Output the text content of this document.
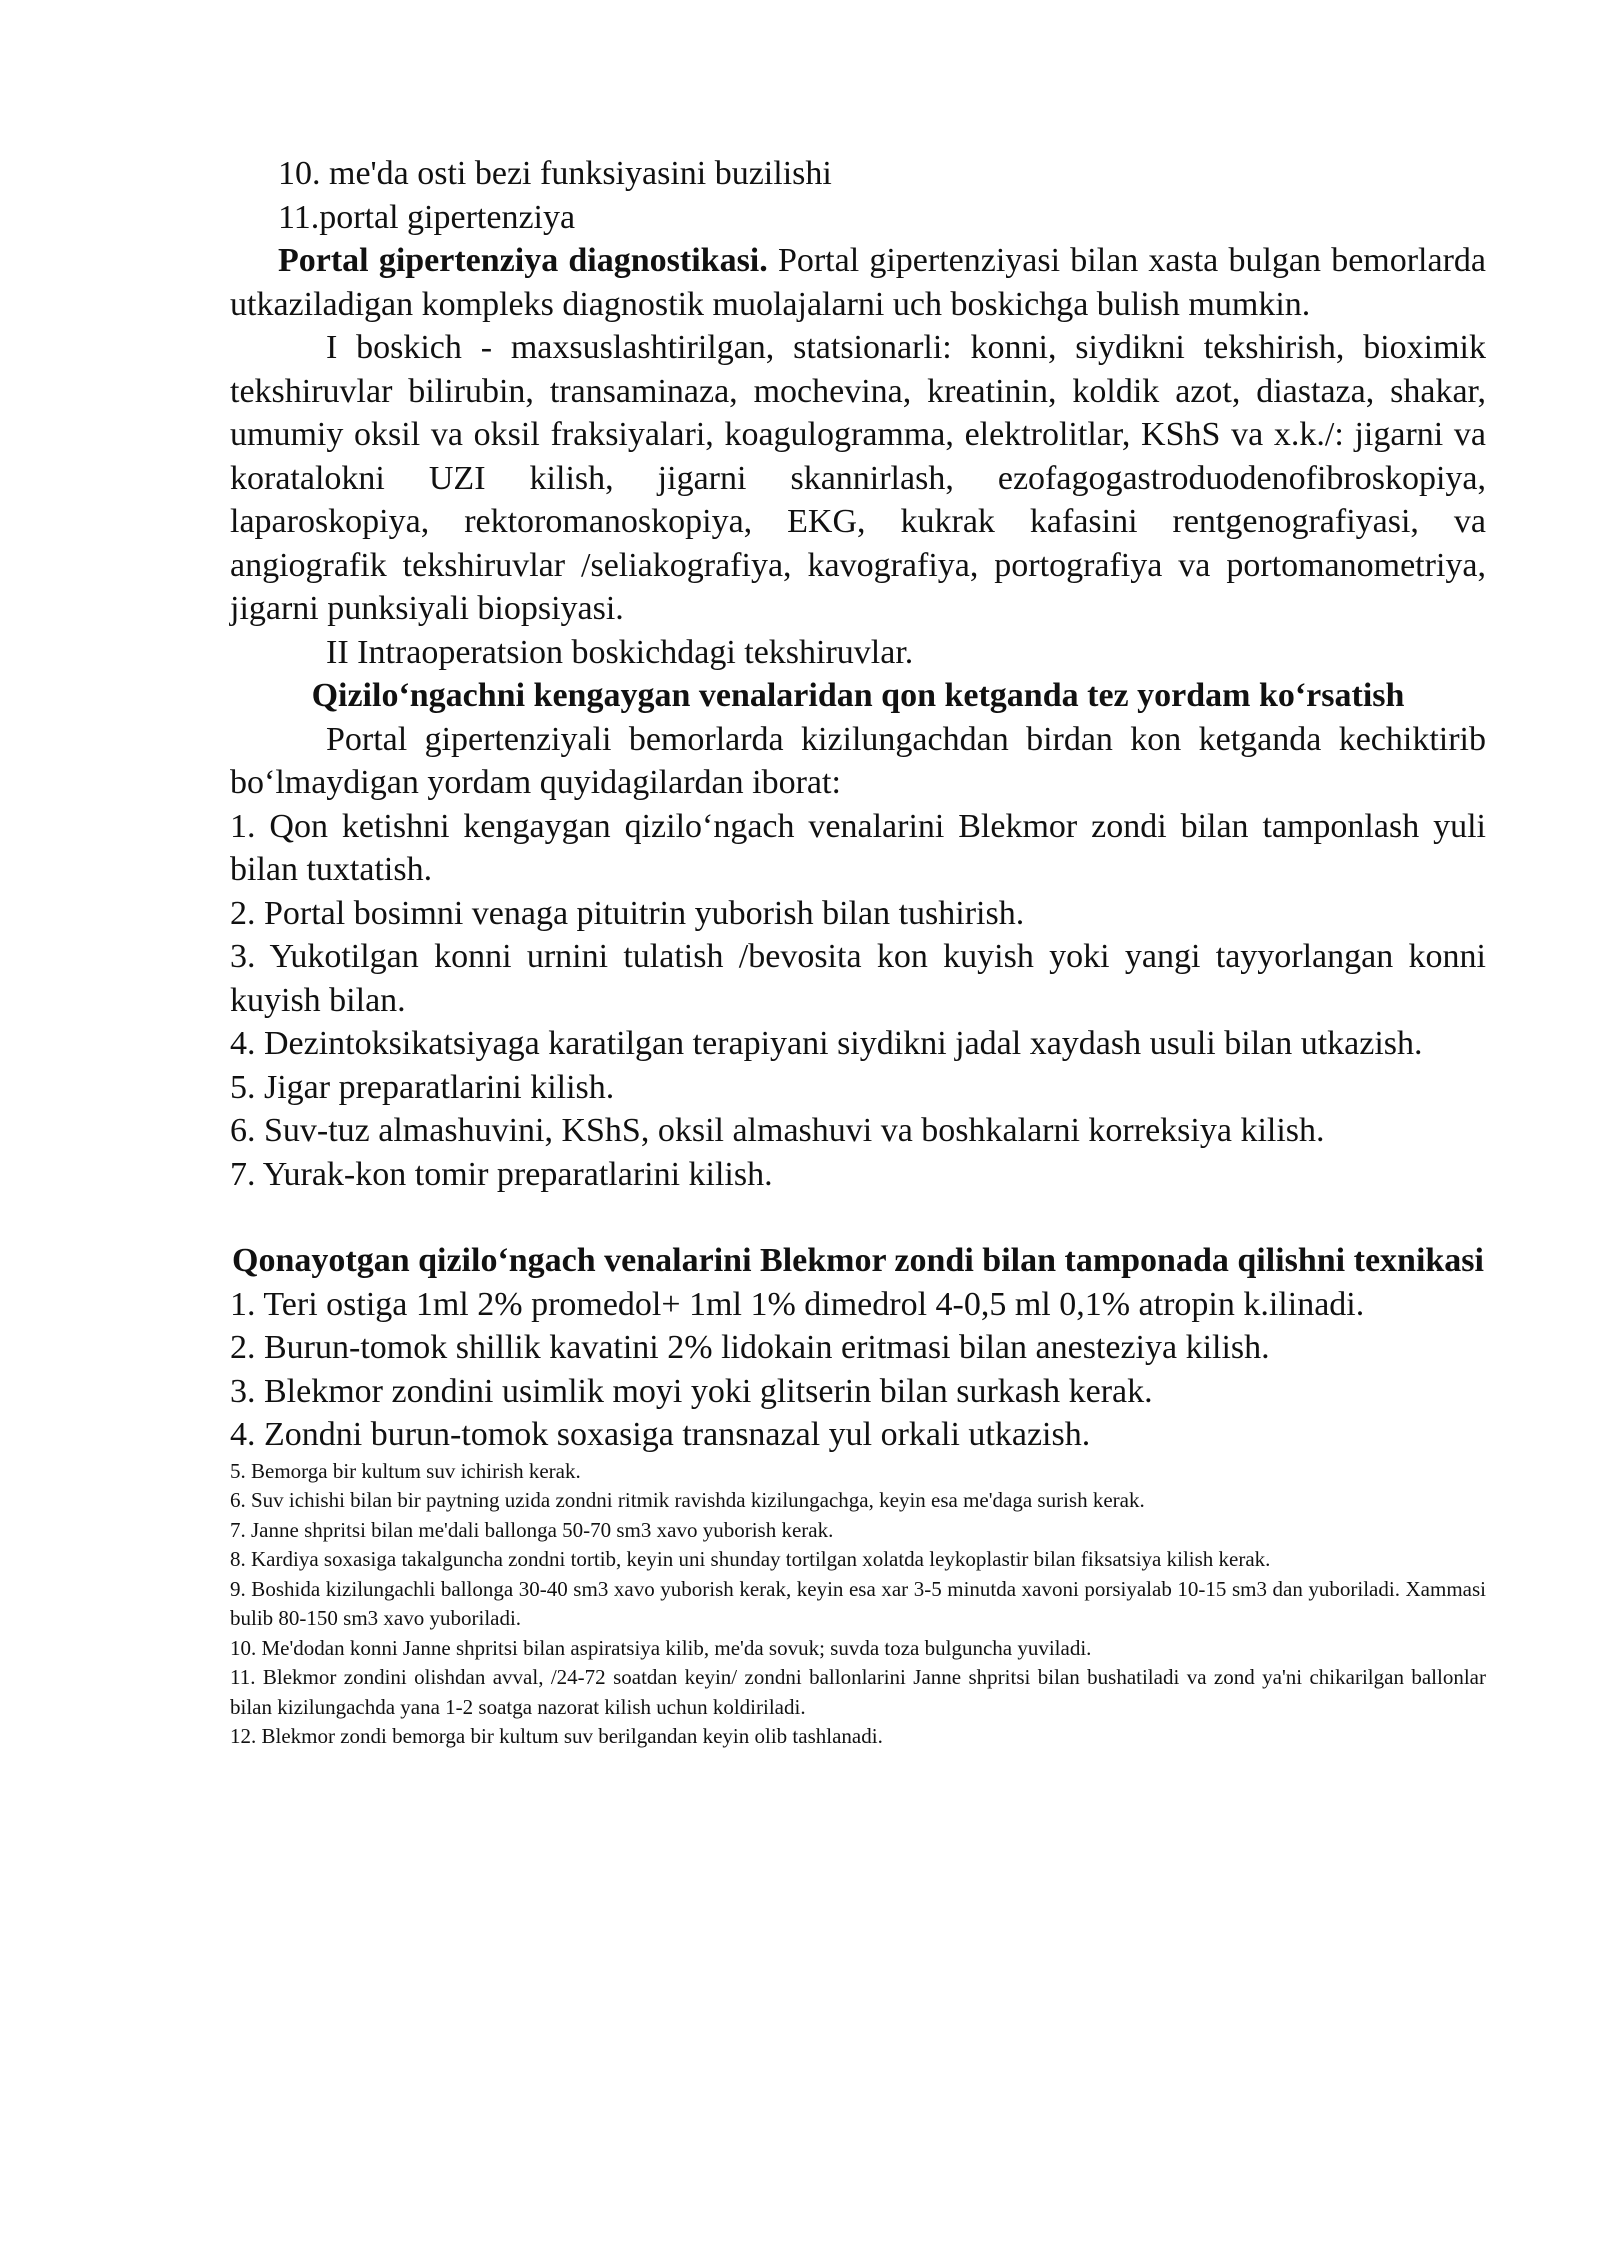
10. me'da osti bezi funksiyasini buzilishi

11.portal gipertenziya

Portal gipertenziya diagnostikasi. Portal gipertenziyasi bilan xasta bulgan bemorlarda utkaziladigan kompleks diagnostik muolajalarni uch boskichga bulish mumkin.

I boskich - maxsuslashtirilgan, statsionarli: konni, siydikni tekshirish, bioximik tekshiruvlar bilirubin, transaminaza, mochevina, kreatinin, koldik azot, diastaza, shakar, umumiy oksil va oksil fraksiyalari, koagulogramma, elektrolitlar, KShS va x.k./: jigarni va koratalokni UZI kilish, jigarni skannirlash, ezofagogastroduodenofibroskopiya, laparoskopiya, rektoromanoskopiya, EKG, kukrak kafasini rentgenografiyasi, va angiografik tekshiruvlar /seliakografiya, kavografiya, portografiya va portomanometriya, jigarni punksiyali biopsiyasi.

II Intraoperatsion boskichdagi tekshiruvlar.

Qizilo‘ngachni kengaygan venalaridan qon ketganda tez yordam ko‘rsatish

Portal gipertenziyali bemorlarda kizilungachdan birdan kon ketganda kechiktirib bo‘lmaydigan yordam quyidagilardan iborat:

1. Qon ketishni kengaygan qizilo‘ngach venalarini Blekmor zondi bilan tamponlash yuli bilan tuxtatish.

2. Portal bosimni venaga pituitrin yuborish bilan tushirish.

3. Yukotilgan konni urnini tulatish /bevosita kon kuyish yoki yangi tayyorlangan konni kuyish bilan.

4. Dezintoksikatsiyaga karatilgan terapiyani siydikni jadal xaydash usuli bilan utkazish.

5. Jigar preparatlarini kilish.

6. Suv-tuz almashuvini, KShS, oksil almashuvi va boshkalarni korreksiya kilish.

7. Yurak-kon tomir preparatlarini kilish.

Qonayotgan qizilo‘ngach venalarini Blekmor zondi bilan tamponada qilishni texnikasi

1. Teri ostiga 1ml 2% promedol+ 1ml 1% dimedrol 4-0,5 ml 0,1% atropin k.ilinadi.

2. Burun-tomok shillik kavatini 2% lidokain eritmasi bilan anesteziya kilish.

3. Blekmor zondini usimlik moyi yoki glitserin bilan surkash kerak.

4. Zondni burun-tomok soxasiga transnazal yul orkali utkazish.

5. Bemorga bir kultum suv ichirish kerak.

6. Suv ichishi bilan bir paytning uzida zondni ritmik ravishda kizilungachga, keyin esa me'daga surish kerak.

7. Janne shpritsi bilan me'dali ballonga 50-70 sm3 xavo yuborish kerak.

8. Kardiya soxasiga takalguncha zondni tortib, keyin uni shunday tortilgan xolatda leykoplastir bilan fiksatsiya kilish kerak.

9. Boshida kizilungachli ballonga 30-40 sm3 xavo yuborish kerak, keyin esa xar 3-5 minutda xavoni porsiyalab 10-15 sm3 dan yuboriladi. Xammasi bulib 80-150 sm3 xavo yuboriladi.

10. Me'dodan konni Janne shpritsi bilan aspiratsiya kilib, me'da sovuk; suvda toza bulguncha yuviladi.

11. Blekmor zondini olishdan avval, /24-72 soatdan keyin/ zondni ballonlarini Janne shpritsi bilan bushatiladi va zond ya'ni chikarilgan ballonlar bilan kizilungachda yana 1-2 soatga nazorat kilish uchun koldiriladi.

12. Blekmor zondi bemorga bir kultum suv berilgandan keyin olib tashlanadi.
